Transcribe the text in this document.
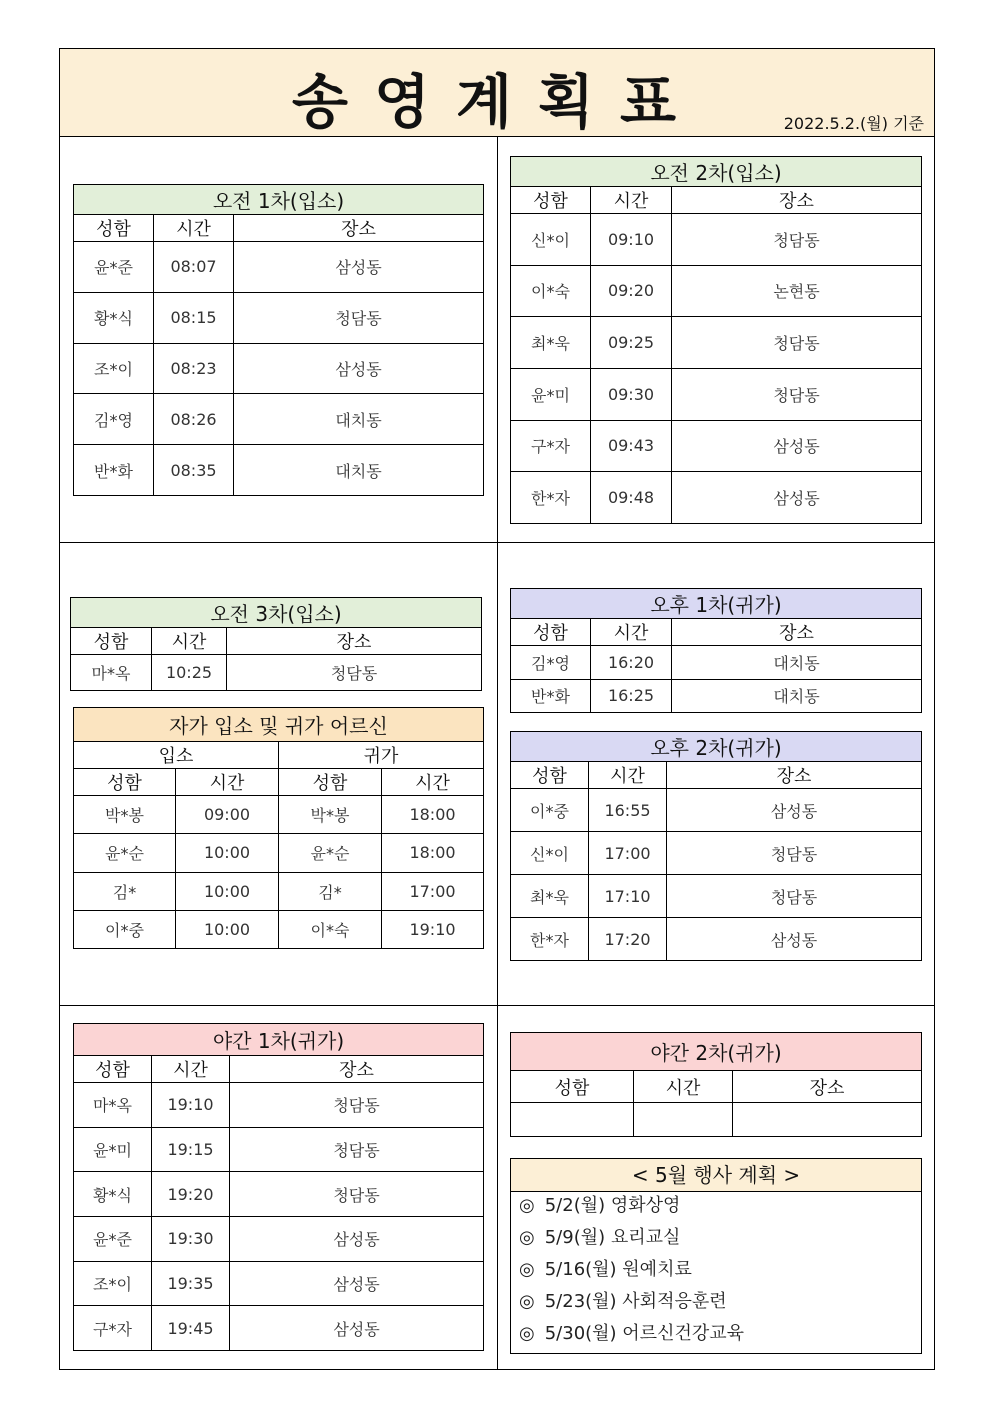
송영계획표	2022.5.2.(월) 기준
오전 1차(입소)		
성함	시간	장소
윤*준	08:07	삼성동
황*식	08:15	청담동
조*이	08:23	삼성동
김*영	08:26	대치동
반*화	08:35	대치동
오전 2차(입소)		
성함	시간	장소
신*이	09:10	청담동
이*숙	09:20	논현동
최*욱	09:25	청담동
윤*미	09:30	청담동
구*자	09:43	삼성동
한*자	09:48	삼성동
오전 3차(입소)		
성함	시간	장소
마*옥	10:25	청담동
자가 입소 및 귀가 어르신			
입소		귀가	
성함	시간	성함	시간
박*봉	09:00	박*봉	18:00
윤*순	10:00	윤*순	18:00
김*	10:00	김*	17:00
이*중	10:00	이*숙	19:10
오후 1차(귀가)		
성함	시간	장소
김*영	16:20	대치동
반*화	16:25	대치동
오후 2차(귀가)		
성함	시간	장소
이*중	16:55	삼성동
신*이	17:00	청담동
최*욱	17:10	청담동
한*자	17:20	삼성동
야간 1차(귀가)		
성함	시간	장소
마*옥	19:10	청담동
윤*미	19:15	청담동
황*식	19:20	청담동
윤*준	19:30	삼성동
조*이	19:35	삼성동
구*자	19:45	삼성동
야간 2차(귀가)		
성함	시간	장소

< 5월 행사 계획 >
◎ 5/2(월) 영화상영
◎ 5/9(월) 요리교실
◎ 5/16(월) 원예치료
◎ 5/23(월) 사회적응훈련
◎ 5/30(월) 어르신건강교육
